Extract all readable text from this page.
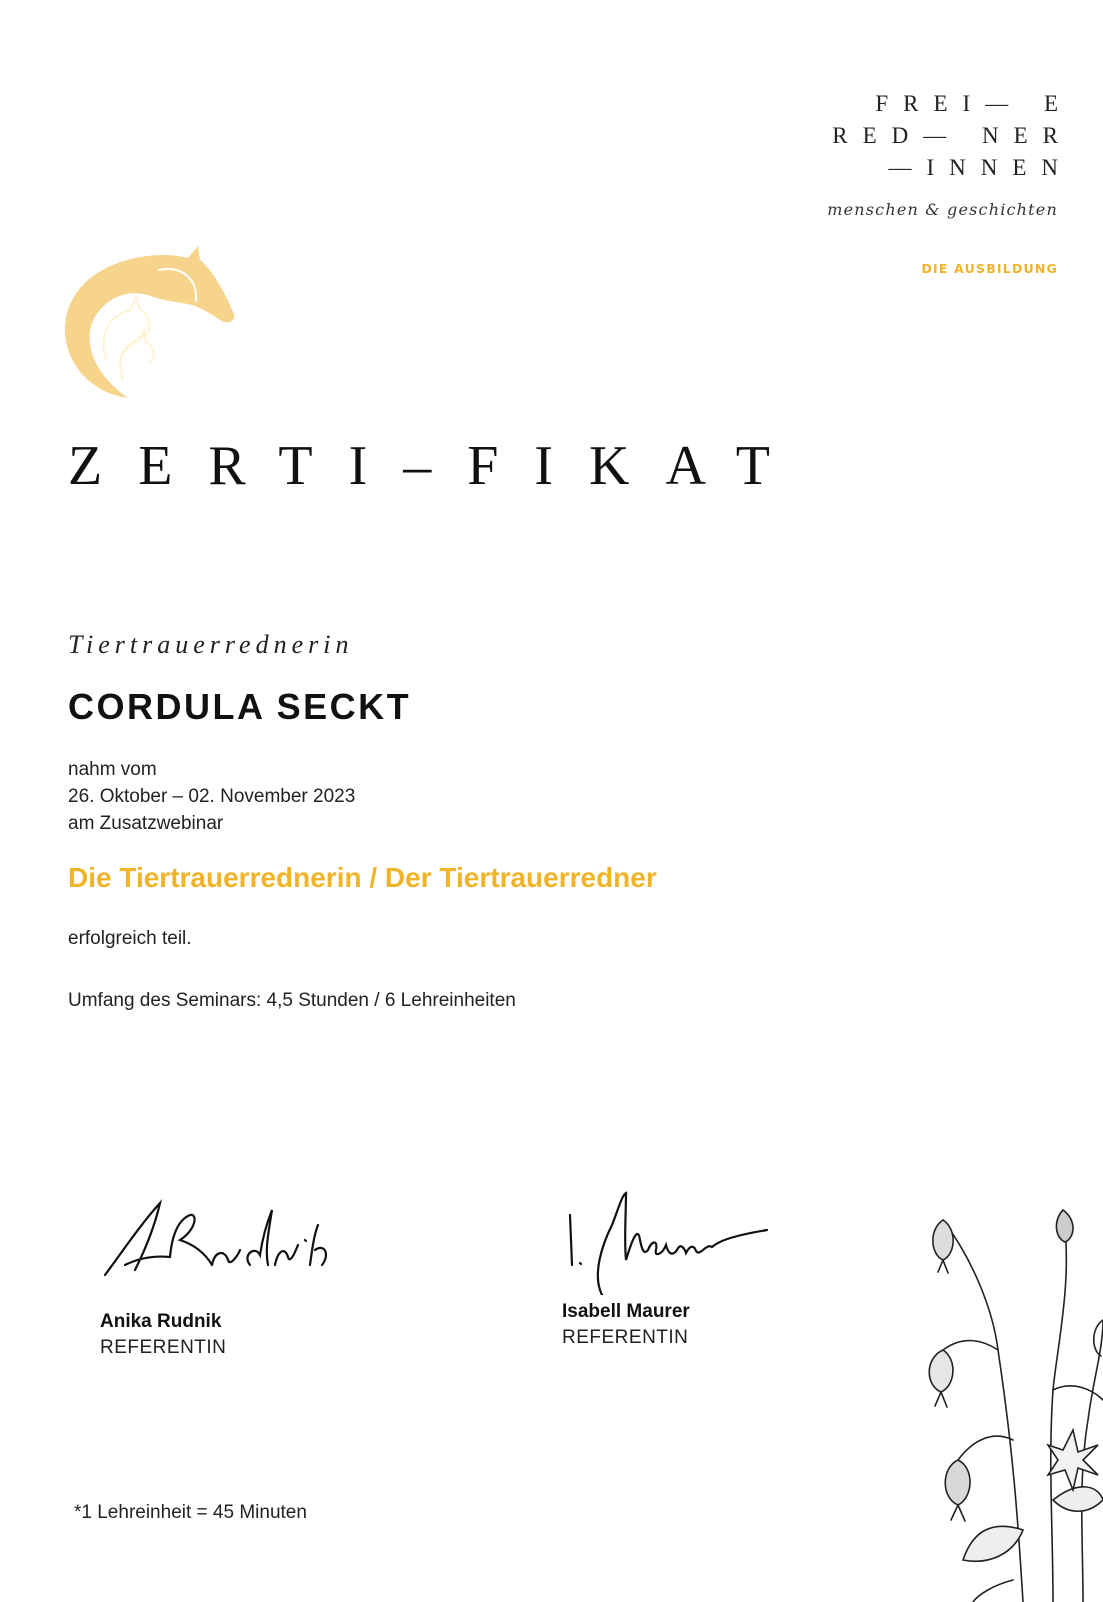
FREI— E
RED— NER
—INNEN
menschen & geschichten
DIE AUSBILDUNG
ZERTI–FIKAT
Tiertrauerrednerin
CORDULA SECKT
nahm vom
26. Oktober – 02. November 2023
am Zusatzwebinar
Die Tiertrauerrednerin / Der Tiertrauerredner
erfolgreich teil.
Umfang des Seminars: 4,5 Stunden / 6 Lehreinheiten
Anika Rudnik
REFERENTIN
Isabell Maurer
REFERENTIN
*1 Lehreinheit = 45 Minuten
